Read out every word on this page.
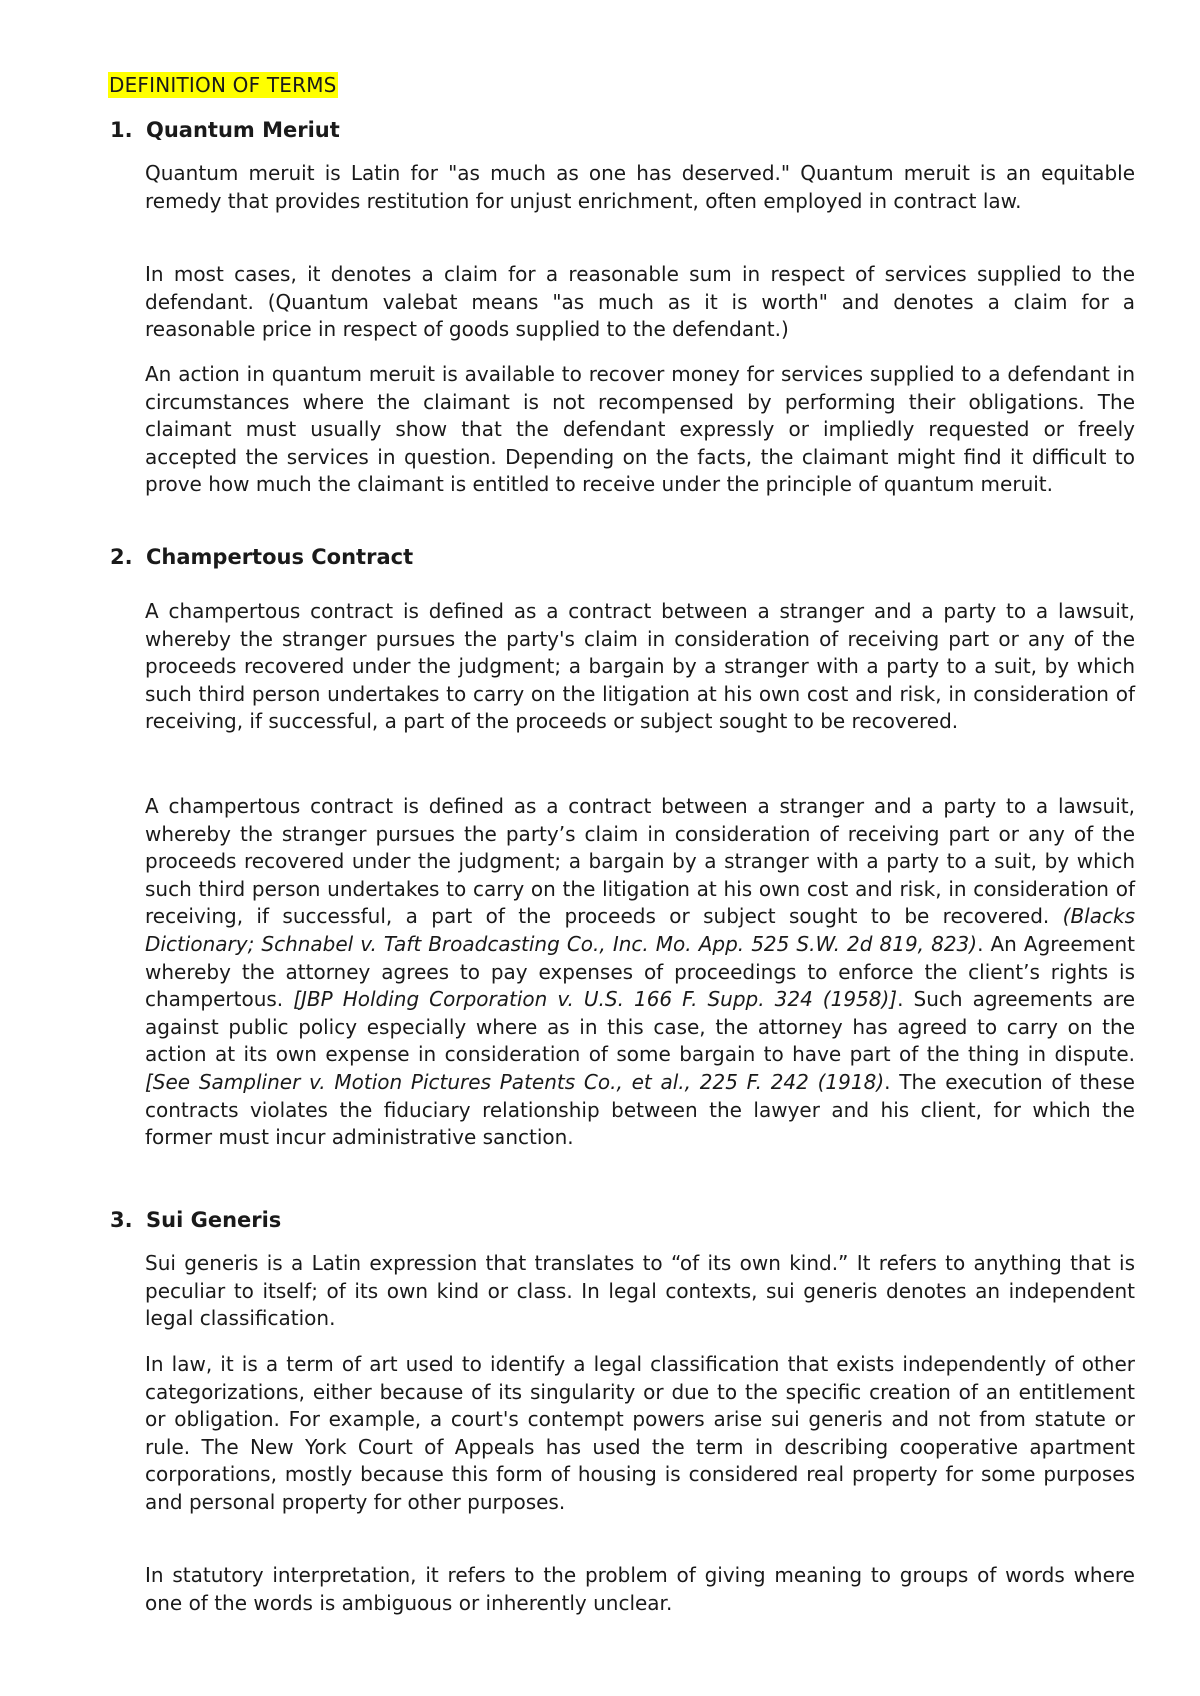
DEFINITION OF TERMS
1. Quantum Meriut

Quantum meruit is Latin for "as much as one has deserved." Quantum meruit is an equitable remedy that provides restitution for unjust enrichment, often employed in contract law.

In most cases, it denotes a claim for a reasonable sum in respect of services supplied to the defendant. (Quantum valebat means "as much as it is worth" and denotes a claim for a reasonable price in respect of goods supplied to the defendant.)

An action in quantum meruit is available to recover money for services supplied to a defendant in circumstances where the claimant is not recompensed by performing their obligations. The claimant must usually show that the defendant expressly or impliedly requested or freely accepted the services in question. Depending on the facts, the claimant might find it difficult to prove how much the claimant is entitled to receive under the principle of quantum meruit.

2. Champertous Contract

A champertous contract is defined as a contract between a stranger and a party to a lawsuit, whereby the stranger pursues the party's claim in consideration of receiving part or any of the proceeds recovered under the judgment; a bargain by a stranger with a party to a suit, by which such third person undertakes to carry on the litigation at his own cost and risk, in consideration of receiving, if successful, a part of the proceeds or subject sought to be recovered.

A champertous contract is defined as a contract between a stranger and a party to a lawsuit, whereby the stranger pursues the party’s claim in consideration of receiving part or any of the proceeds recovered under the judgment; a bargain by a stranger with a party to a suit, by which such third person undertakes to carry on the litigation at his own cost and risk, in consideration of receiving, if successful, a part of the proceeds or subject sought to be recovered. (Blacks Dictionary; Schnabel v. Taft Broadcasting Co., Inc. Mo. App. 525 S.W. 2d 819, 823). An Agreement whereby the attorney agrees to pay expenses of proceedings to enforce the client’s rights is champertous. [JBP Holding Corporation v. U.S. 166 F. Supp. 324 (1958)]. Such agreements are against public policy especially where as in this case, the attorney has agreed to carry on the action at its own expense in consideration of some bargain to have part of the thing in dispute. [See Sampliner v. Motion Pictures Patents Co., et al., 225 F. 242 (1918). The execution of these contracts violates the fiduciary relationship between the lawyer and his client, for which the former must incur administrative sanction.

3. Sui Generis

Sui generis is a Latin expression that translates to “of its own kind.” It refers to anything that is peculiar to itself; of its own kind or class. In legal contexts, sui generis denotes an independent legal classification.

In law, it is a term of art used to identify a legal classification that exists independently of other categorizations, either because of its singularity or due to the specific creation of an entitlement or obligation. For example, a court's contempt powers arise sui generis and not from statute or rule. The New York Court of Appeals has used the term in describing cooperative apartment corporations, mostly because this form of housing is considered real property for some purposes and personal property for other purposes.

In statutory interpretation, it refers to the problem of giving meaning to groups of words where one of the words is ambiguous or inherently unclear.
